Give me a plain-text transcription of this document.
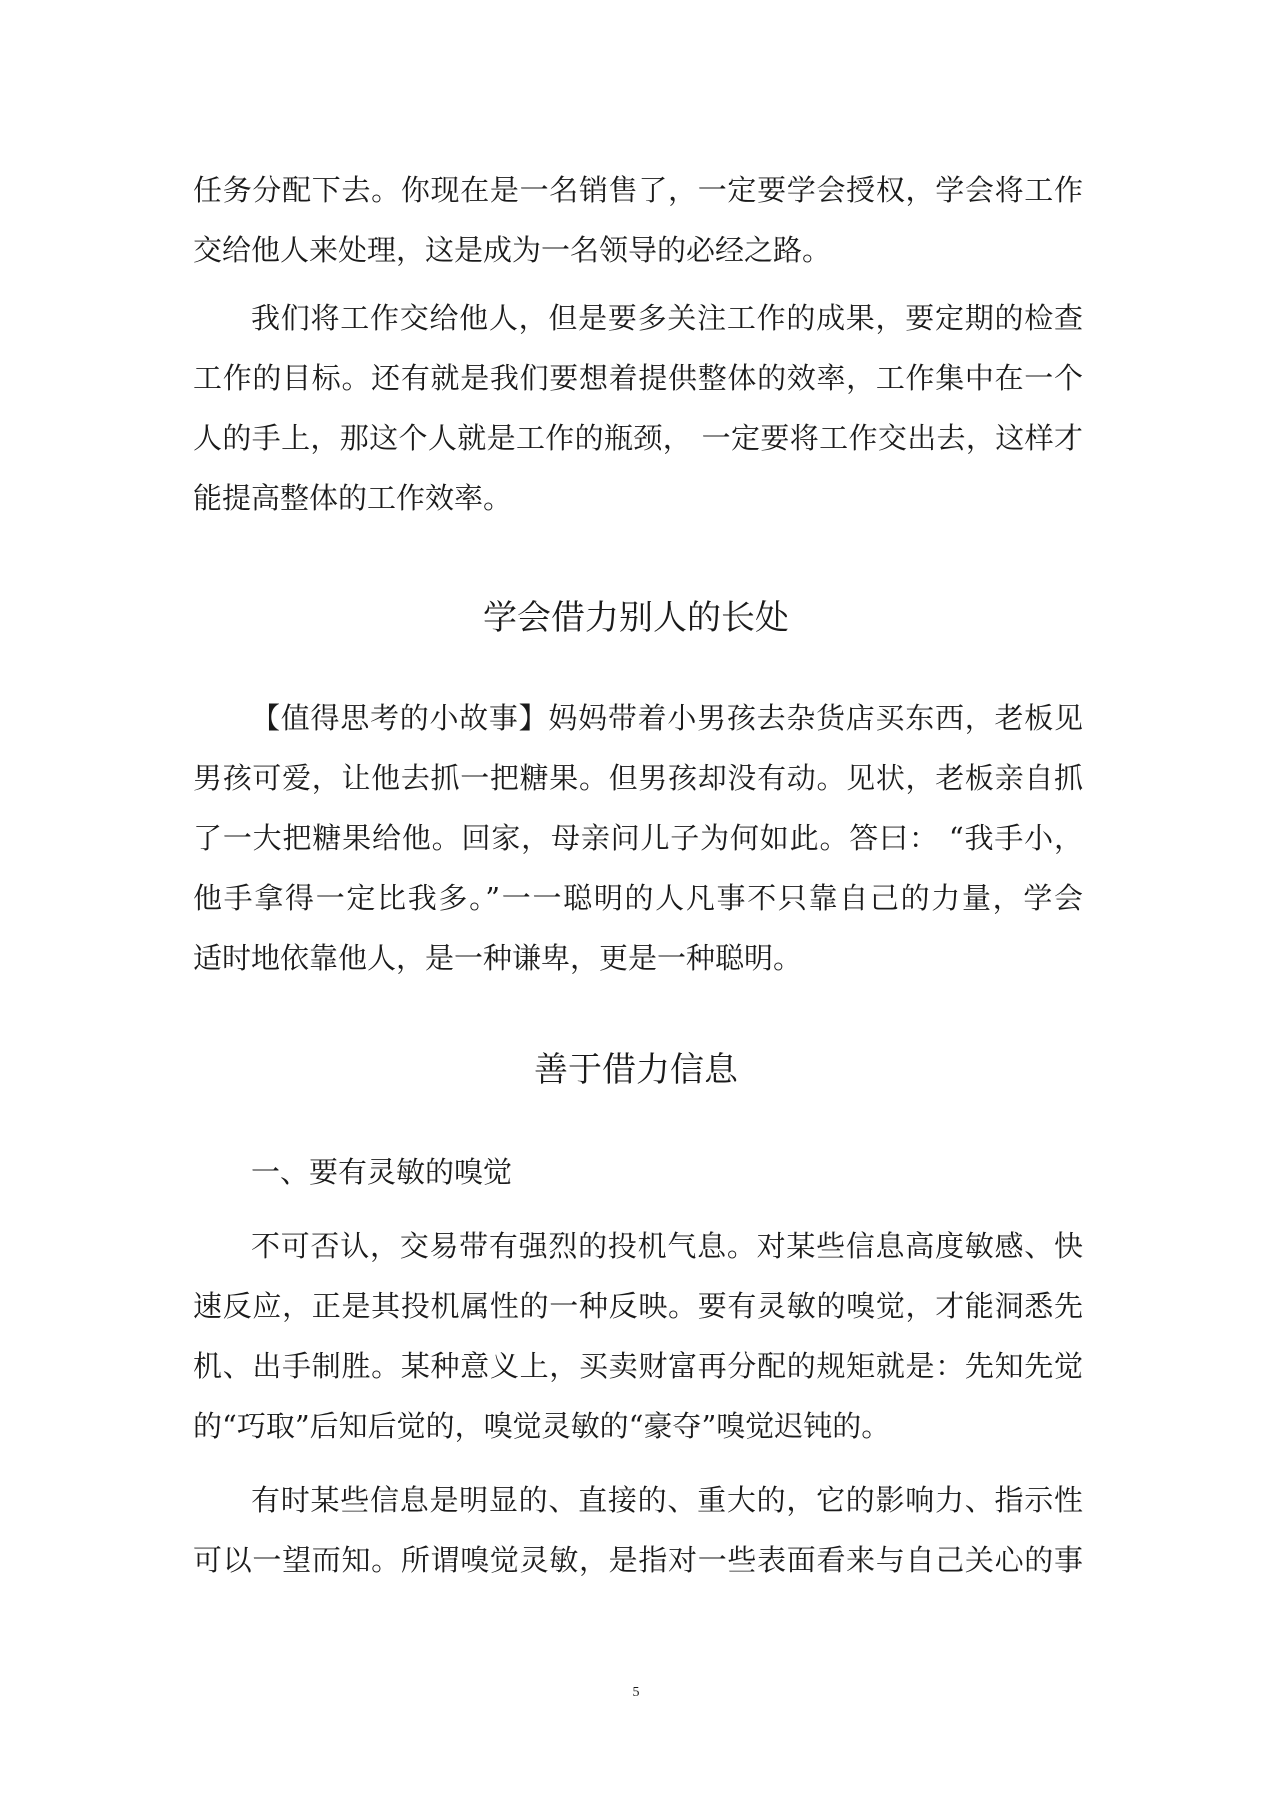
任务分配下去。你现在是一名销售了，一定要学会授权，学会将工作
交给他人来处理，这是成为一名领导的必经之路。
我们将工作交给他人，但是要多关注工作的成果，要定期的检查
工作的目标。还有就是我们要想着提供整体的效率，工作集中在一个
人的手上，那这个人就是工作的瓶颈， 一定要将工作交出去，这样才
能提高整体的工作效率。
学会借力别人的长处
【值得思考的小故事】妈妈带着小男孩去杂货店买东西，老板见
男孩可爱，让他去抓一把糖果。但男孩却没有动。见状，老板亲自抓
了一大把糖果给他。回家，母亲问儿子为何如此。答曰： “我手小，
他手拿得一定比我多。”一一聪明的人凡事不只靠自己的力量，学会
适时地依靠他人，是一种谦卑，更是一种聪明。
善于借力信息
一、要有灵敏的嗅觉
不可否认，交易带有强烈的投机气息。对某些信息高度敏感、快
速反应，正是其投机属性的一种反映。要有灵敏的嗅觉，才能洞悉先
机、出手制胜。某种意义上，买卖财富再分配的规矩就是：先知先觉
的“巧取”后知后觉的，嗅觉灵敏的“豪夺”嗅觉迟钝的。
有时某些信息是明显的、直接的、重大的，它的影响力、指示性
可以一望而知。所谓嗅觉灵敏，是指对一些表面看来与自己关心的事
5
